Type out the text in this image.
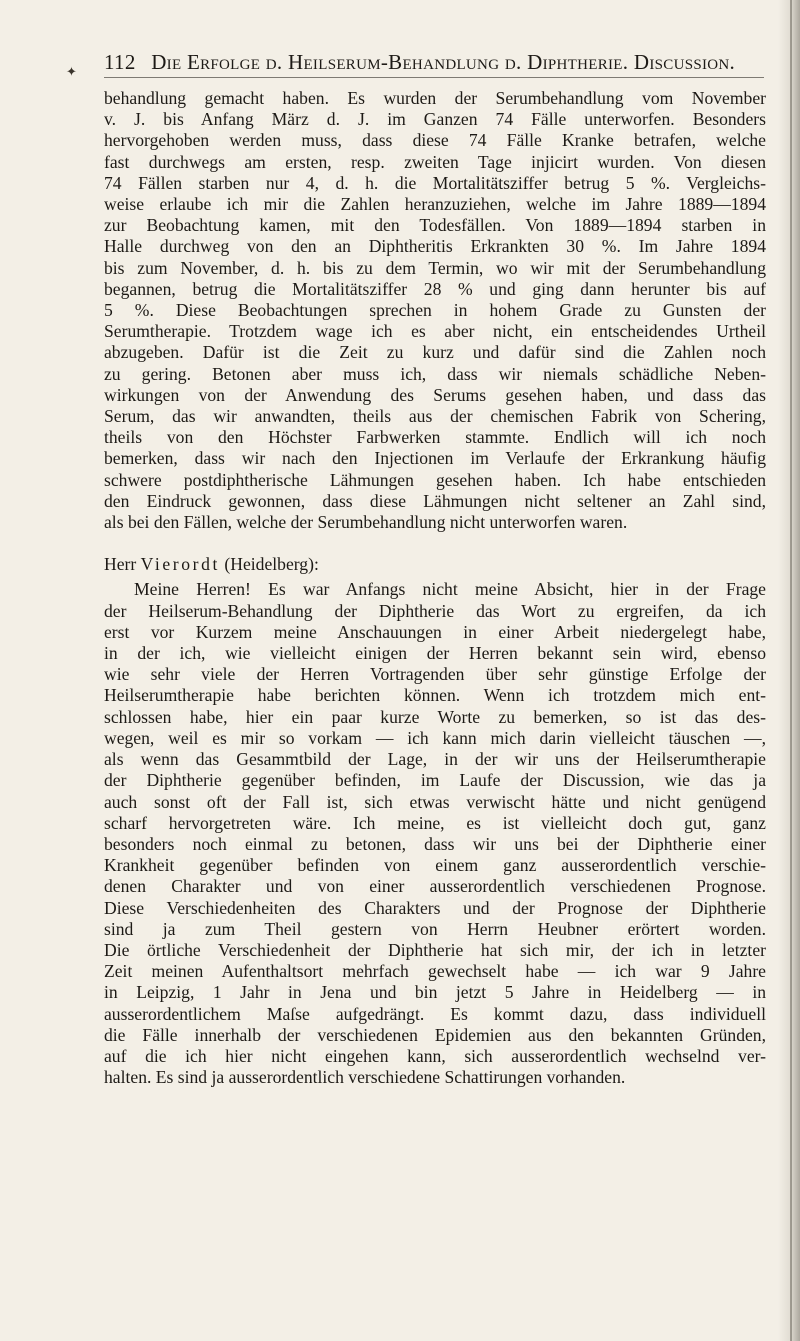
✦ 112 Die Erfolge d. Heilserum-Behandlung d. Diphtherie. Discussion.
behandlung gemacht haben. Es wurden der Serumbehandlung vom November
v. J. bis Anfang März d. J. im Ganzen 74 Fälle unterworfen. Besonders
hervorgehoben werden muss, dass diese 74 Fälle Kranke betrafen, welche
fast durchwegs am ersten, resp. zweiten Tage injicirt wurden. Von diesen
74 Fällen starben nur 4, d. h. die Mortalitätsziffer betrug 5 %. Vergleichs-
weise erlaube ich mir die Zahlen heranzuziehen, welche im Jahre 1889—1894
zur Beobachtung kamen, mit den Todesfällen. Von 1889—1894 starben in
Halle durchweg von den an Diphtheritis Erkrankten 30 %. Im Jahre 1894
bis zum November, d. h. bis zu dem Termin, wo wir mit der Serumbehandlung
begannen, betrug die Mortalitätsziffer 28 % und ging dann herunter bis auf
5 %. Diese Beobachtungen sprechen in hohem Grade zu Gunsten der
Serumtherapie. Trotzdem wage ich es aber nicht, ein entscheidendes Urtheil
abzugeben. Dafür ist die Zeit zu kurz und dafür sind die Zahlen noch
zu gering. Betonen aber muss ich, dass wir niemals schädliche Neben-
wirkungen von der Anwendung des Serums gesehen haben, und dass das
Serum, das wir anwandten, theils aus der chemischen Fabrik von Schering,
theils von den Höchster Farbwerken stammte. Endlich will ich noch
bemerken, dass wir nach den Injectionen im Verlaufe der Erkrankung häufig
schwere postdiphtherische Lähmungen gesehen haben. Ich habe entschieden
den Eindruck gewonnen, dass diese Lähmungen nicht seltener an Zahl sind,
als bei den Fällen, welche der Serumbehandlung nicht unterworfen waren.
Herr Vierordt (Heidelberg):
Meine Herren! Es war Anfangs nicht meine Absicht, hier in der Frage
der Heilserum-Behandlung der Diphtherie das Wort zu ergreifen, da ich
erst vor Kurzem meine Anschauungen in einer Arbeit niedergelegt habe,
in der ich, wie vielleicht einigen der Herren bekannt sein wird, ebenso
wie sehr viele der Herren Vortragenden über sehr günstige Erfolge der
Heilserumtherapie habe berichten können. Wenn ich trotzdem mich ent-
schlossen habe, hier ein paar kurze Worte zu bemerken, so ist das des-
wegen, weil es mir so vorkam — ich kann mich darin vielleicht täuschen —,
als wenn das Gesammtbild der Lage, in der wir uns der Heilserumtherapie
der Diphtherie gegenüber befinden, im Laufe der Discussion, wie das ja
auch sonst oft der Fall ist, sich etwas verwischt hätte und nicht genügend
scharf hervorgetreten wäre. Ich meine, es ist vielleicht doch gut, ganz
besonders noch einmal zu betonen, dass wir uns bei der Diphtherie einer
Krankheit gegenüber befinden von einem ganz ausserordentlich verschie-
denen Charakter und von einer ausserordentlich verschiedenen Prognose.
Diese Verschiedenheiten des Charakters und der Prognose der Diphtherie
sind ja zum Theil gestern von Herrn Heubner erörtert worden.
Die örtliche Verschiedenheit der Diphtherie hat sich mir, der ich in letzter
Zeit meinen Aufenthaltsort mehrfach gewechselt habe — ich war 9 Jahre
in Leipzig, 1 Jahr in Jena und bin jetzt 5 Jahre in Heidelberg — in
ausserordentlichem Maſse aufgedrängt. Es kommt dazu, dass individuell
die Fälle innerhalb der verschiedenen Epidemien aus den bekannten Gründen,
auf die ich hier nicht eingehen kann, sich ausserordentlich wechselnd ver-
halten. Es sind ja ausserordentlich verschiedene Schattirungen vorhanden.
